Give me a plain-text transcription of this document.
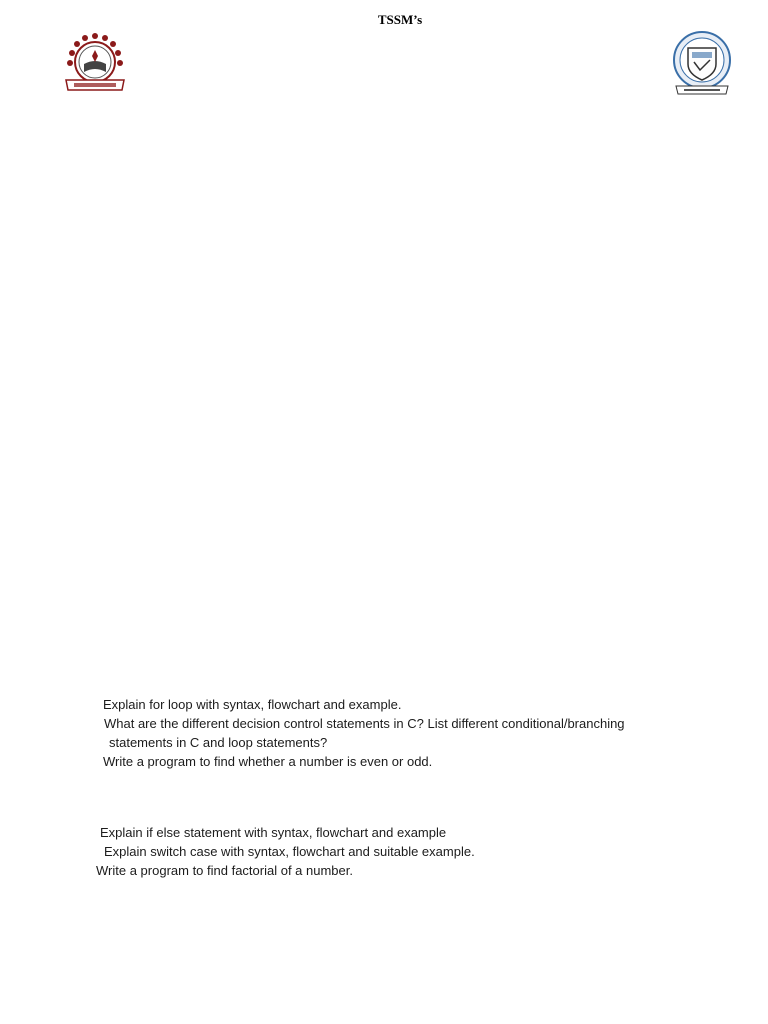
TSSM’s
Explain for loop with syntax, flowchart and example.
What are the different decision control statements in C? List different conditional/branching
statements in C and loop statements?
Write a program to find whether a number is even or odd.
Explain if else statement with syntax, flowchart and example
Explain switch case with syntax, flowchart and suitable example.
Write a program to find factorial of a number.
